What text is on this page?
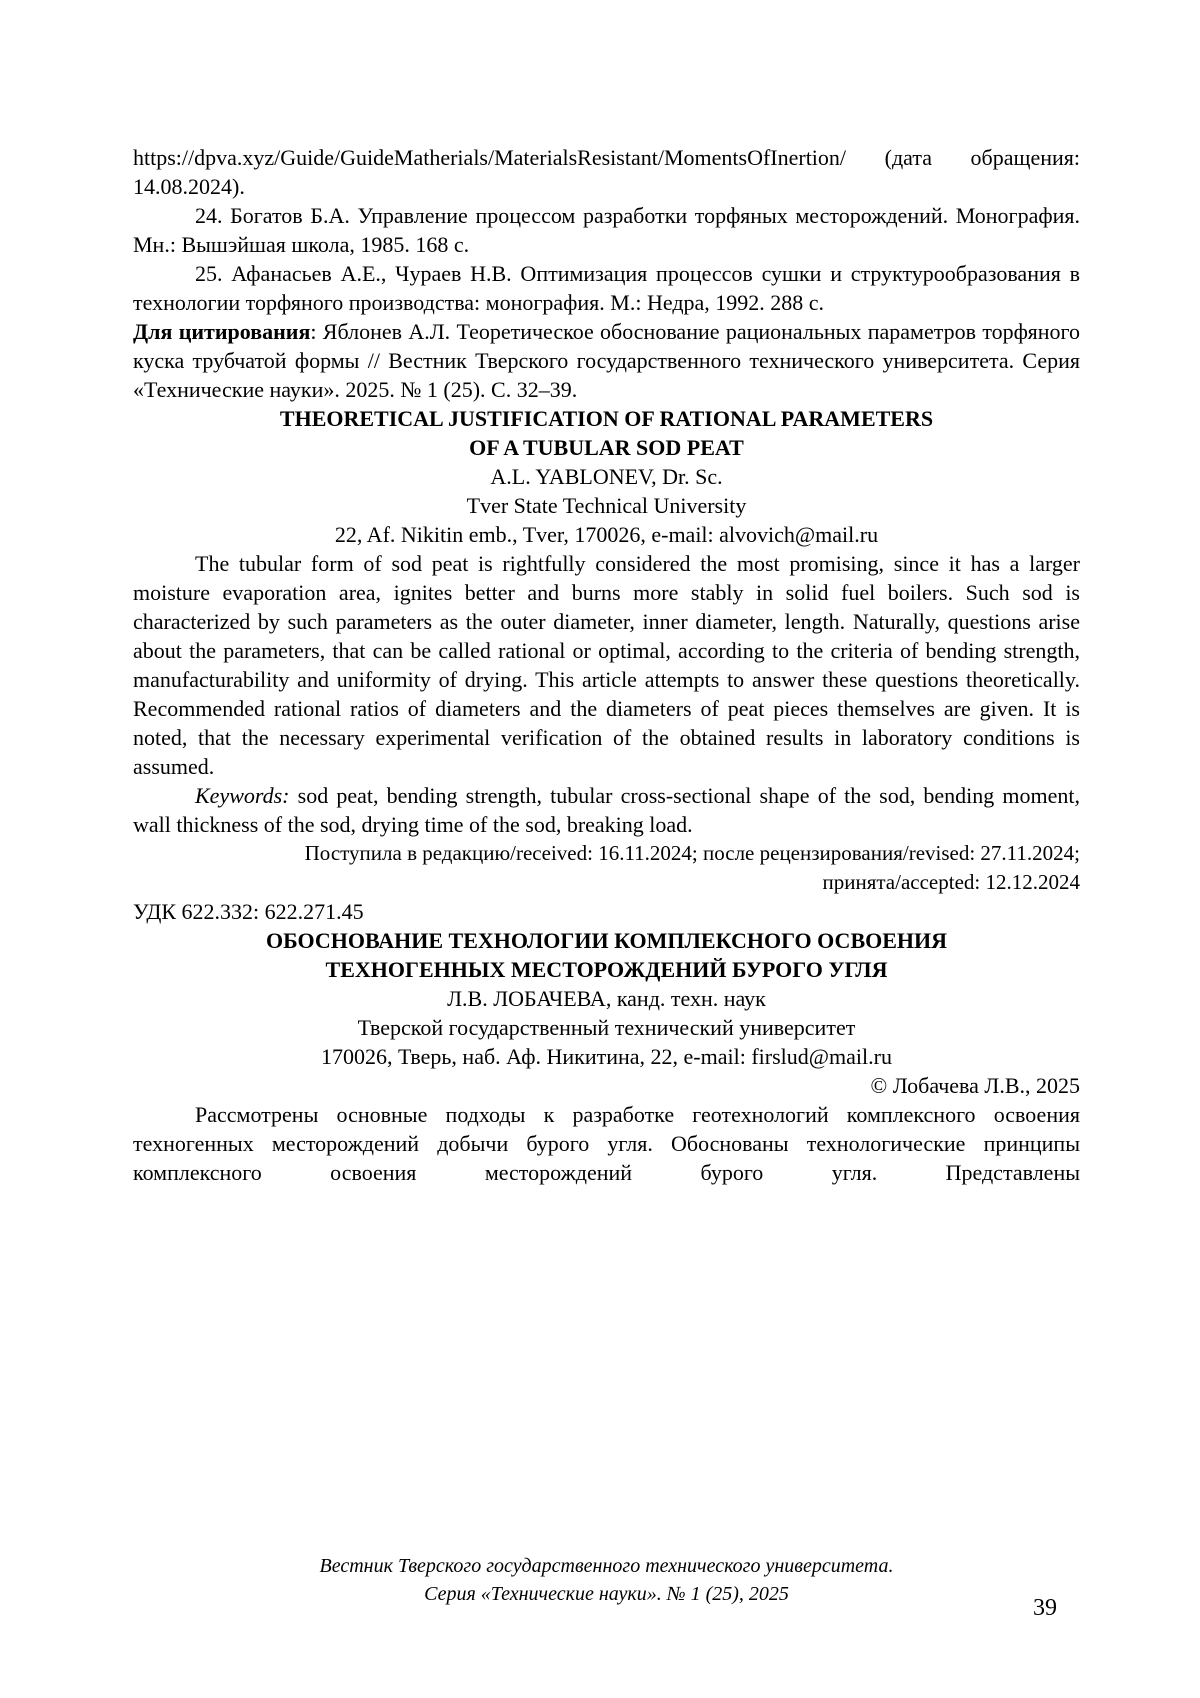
https://dpva.xyz/Guide/GuideMatherials/MaterialsResistant/MomentsOfInertion/ (дата обращения: 14.08.2024).

24. Богатов Б.А. Управление процессом разработки торфяных месторождений. Монография. Мн.: Вышэйшая школа, 1985. 168 с.

25. Афанасьев А.Е., Чураев Н.В. Оптимизация процессов сушки и структурообразования в технологии торфяного производства: монография. М.: Недра, 1992. 288 с.

Для цитирования: Яблонев А.Л. Теоретическое обоснование рациональных параметров торфяного куска трубчатой формы // Вестник Тверского государственного технического университета. Серия «Технические науки». 2025. № 1 (25). С. 32–39.

THEORETICAL JUSTIFICATION OF RATIONAL PARAMETERS
OF A TUBULAR SOD PEAT
A.L. YABLONEV, Dr. Sc.
Tver State Technical University
22, Af. Nikitin emb., Tver, 170026, e-mail: alvovich@mail.ru

The tubular form of sod peat is rightfully considered the most promising, since it has a larger moisture evaporation area, ignites better and burns more stably in solid fuel boilers. Such sod is characterized by such parameters as the outer diameter, inner diameter, length. Naturally, questions arise about the parameters, that can be called rational or optimal, according to the criteria of bending strength, manufacturability and uniformity of drying. This article attempts to answer these questions theoretically. Recommended rational ratios of diameters and the diameters of peat pieces themselves are given. It is noted, that the necessary experimental verification of the obtained results in laboratory conditions is assumed.

Keywords: sod peat, bending strength, tubular cross-sectional shape of the sod, bending moment, wall thickness of the sod, drying time of the sod, breaking load.

Поступила в редакцию/received: 16.11.2024; после рецензирования/revised: 27.11.2024;
принята/accepted: 12.12.2024
УДК 622.332: 622.271.45
ОБОСНОВАНИЕ ТЕХНОЛОГИИ КОМПЛЕКСНОГО ОСВОЕНИЯ
ТЕХНОГЕННЫХ МЕСТОРОЖДЕНИЙ БУРОГО УГЛЯ
Л.В. ЛОБАЧЕВА, канд. техн. наук
Тверской государственный технический университет
170026, Тверь, наб. Аф. Никитина, 22, e-mail: firslud@mail.ru
© Лобачева Л.В., 2025

Рассмотрены основные подходы к разработке геотехнологий комплексного освоения техногенных месторождений добычи бурого угля. Обоснованы технологические принципы комплексного освоения месторождений бурого угля. Представлены

Вестник Тверского государственного технического университета.
Серия «Технические науки». № 1 (25), 2025
39
